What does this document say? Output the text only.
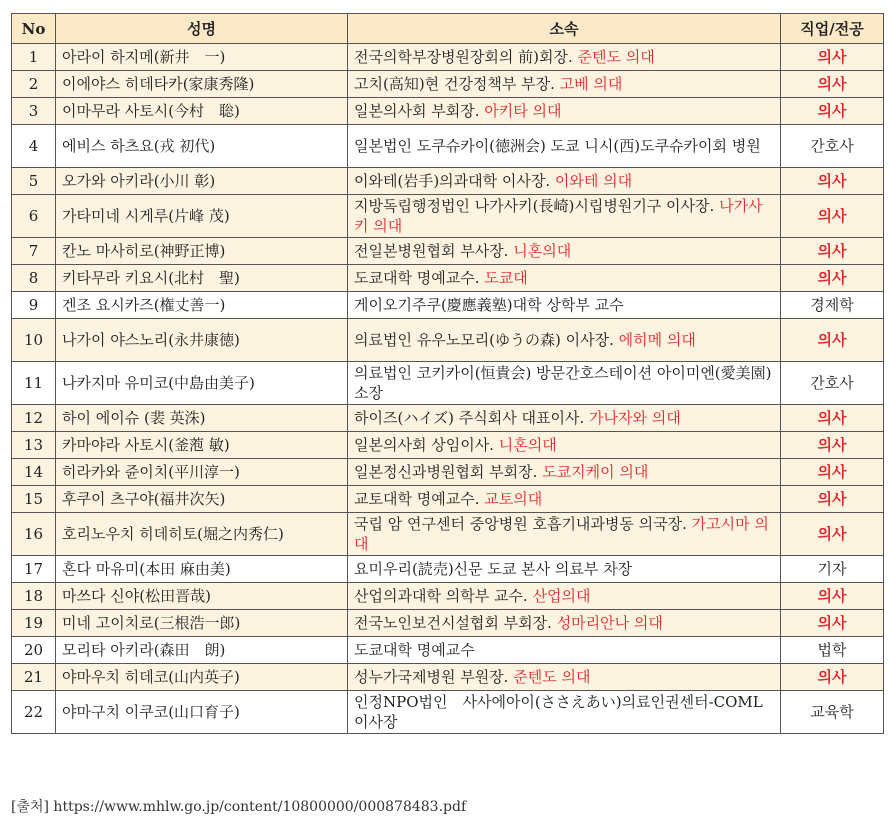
No	성명	소속	직업/전공
1	아라이 하지메(新井　一)	전국의학부장병원장회의 前)회장. 준텐도 의대	의사
2	이에야스 히데타카(家康秀隆)	고치(高知)현 건강정책부 부장. 고베 의대	의사
3	이마무라 사토시(今村　聡)	일본의사회 부회장. 아키타 의대	의사
4	에비스 하츠요(戎 初代)	일본법인 도쿠슈카이(徳洲会) 도쿄 니시(西)도쿠슈카이회 병원	간호사
5	오가와 아키라(小川 彰)	이와테(岩手)의과대학 이사장. 이와테 의대	의사
6	가타미네 시게루(片峰 茂)	지방독립행정법인 나가사키(長崎)시립병원기구 이사장. 나가사키 의대	의사
7	칸노 마사히로(神野正博)	전일본병원협회 부사장. 니혼의대	의사
8	키타무라 키요시(北村　聖)	도쿄대학 명예교수. 도쿄대	의사
9	겐조 요시카즈(権丈善一)	게이오기주쿠(慶應義塾)대학 상학부 교수	경제학
10	나가이 야스노리(永井康徳)	의료법인 유우노모리(ゆうの森) 이사장. 에히메 의대	의사
11	나카지마 유미코(中島由美子)	의료법인 코키카이(恒貴会) 방문간호스테이션 아이미엔(愛美園)소장	간호사
12	하이 에이슈 (裴 英洙)	하이즈(ハイズ) 주식회사 대표이사. 가나자와 의대	의사
13	카마야라 사토시(釜萢 敏)	일본의사회 상임이사. 니혼의대	의사
14	히라카와 쥰이치(平川淳一)	일본정신과병원협회 부회장. 도쿄지케이 의대	의사
15	후쿠이 츠구야(福井次矢)	교토대학 명예교수. 교토의대	의사
16	호리노우치 히데히토(堀之内秀仁)	국립 암 연구센터 중앙병원 호흡기내과병동 의국장. 가고시마 의대	의사
17	혼다 마유미(本田 麻由美)	요미우리(読売)신문 도쿄 본사 의료부 차장	기자
18	마쓰다 신야(松田晋哉)	산업의과대학 의학부 교수. 산업의대	의사
19	미네 고이치로(三根浩一郎)	전국노인보건시설협회 부회장. 성마리안나 의대	의사
20	모리타 아키라(森田　朗)	도쿄대학 명예교수	법학
21	야마우치 히데코(山内英子)	성누가국제병원 부원장. 준텐도 의대	의사
22	야마구치 이쿠코(山口育子)	인정NPO법인　사사에아이(ささえあい)의료인권센터-COML이사장	교육학
[출처] https://www.mhlw.go.jp/content/10800000/000878483.pdf
